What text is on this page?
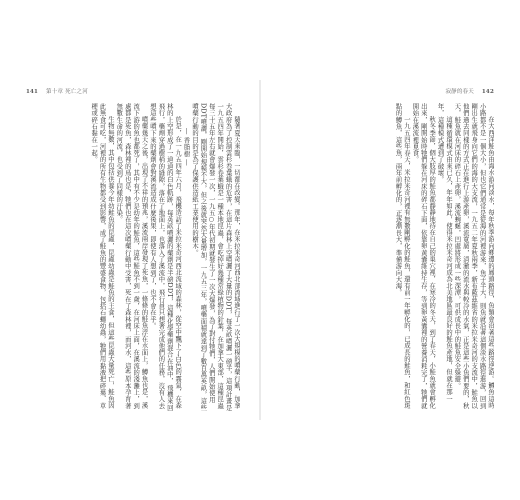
141 第十章 死亡之河	寂靜的春天 142

在大西洋鮭魚由海水游向淡水，每年秋季游向鄉邊的鳳頭路徑，魚類會沿著這些路徑逆游。鱒魚這時小路都不是一個大小，但也它們通常是從海的河裡游來，魚子半大，則魚就沿著這個淡水路徑進游，回到剛出生就飛身向它們的海的大支流，一九五二年夏秋兩季，新布藍茲維省的米拉米奇河的支流中，鮭魚以他們過去同樣的方式正在進行上游產卵，溪流寬廣，清澈的流水與較冷的水氣，正是這些小魚們要的，秋天，鮭魚就在河床的碎石上產卵，溪流蜿蜒，凹處將形成一些深潭，可供成長中的鮭魚安全躲避。

這種循環模式由來已久，年年如此，使得米拉米奇河成為北美地區最良好的鮭魚產地，但就在那一年，這種模式遭到了破壞。

秋冬季節，個大肢厚的鮭魚都靜靜地待在自己的巢穴裡，在寒冷的冬天，到了春天，小鮭魚就會孵化出來，剛開始時牠們躲在河床的碎石下面，依靠卵黃囊維持生存，等到卵黃囊裡的營養消耗完了，牠們就開始在溪流裡覓食。

一九五四年春天，米拉米奇河裡有無數剛孵化的鮭魚，還有前一年孵化的，已成長的鮭魚，和紅色斑點的鱒魚，這些魚，兩年前孵化的，正逐漸長大，準備游向大海。

隨著夏天來臨，一切都在改變。那年，在米拉米奇河西北部流域進行了一次大規模的噴藥行動，加拿大政府為了控制雲杉卷葉蛾的危害，在這片森林上空噴灑了大量的DDT，每英畝噴灑一磅半，這項計畫是一九五四年開始，雲杉卷葉蛾是一種本地昆蟲，會吃掉好幾種常綠植物的針葉，在加拿大東部，這種昆蟲每三十五年左右就會爆發一次，一九五○年代初期就發生了一次大爆發，為了對付牠們，人們開始使用DDT噴灑，剛開始規模不大，但之後就突然大量增加，一九五三年，噴藥面積就達到了數百萬英畝，這些噴藥行動的目的是為了保護供造紙工業使用的樹木。

― 香脂樹 ―

於是，在一九五四年六月，飛機造訪了米拉米奇河西北流域的森林，從空中飄下了白色的霧氣，在森林的上空形成了一道道的白色軌跡，每英畝噴灑的藥劑是半磅DDT，這種化學藥劑混合在油中，飛機來回飛行，藥劑穿過樹梢的縫隙，落在了地面上，也落入了溪流中，飛行員只想著完成他們的任務，沒有人去想這些噴下來的藥劑會對溪流造成什麼後果，即使有人想到了，也不會在乎。

噴藥幾天之後，出現了不祥的預兆，溪流兩岸發現了死魚，一條條的鮭魚浮在水面上，鱒魚也是，溪流下游的魚也都死了，其中有不少是幼年的鮭魚，這些鮭魚不到一歲，在河床上面，在溪流的淺灘上，到處都是死魚，森林裡的鳥也是，牠們也在這次噴藥行動中受害，死在了森林裡，而河水，這些原本孕育著無數生命的河流，也受到了同樣的汙染。

生物無數，其中包括供養今年幼鮭魚的昆蟲，昆蟲幼蟲是鮭魚的主食，但這些昆蟲大量死亡，鮭魚因此無食可吃，河裡的所有生物都受到影響，成了鮭魚的豐盛食物，包括石蠅幼蟲，牠們用黏液把碎葉、草梗或碎石黏在一起。
